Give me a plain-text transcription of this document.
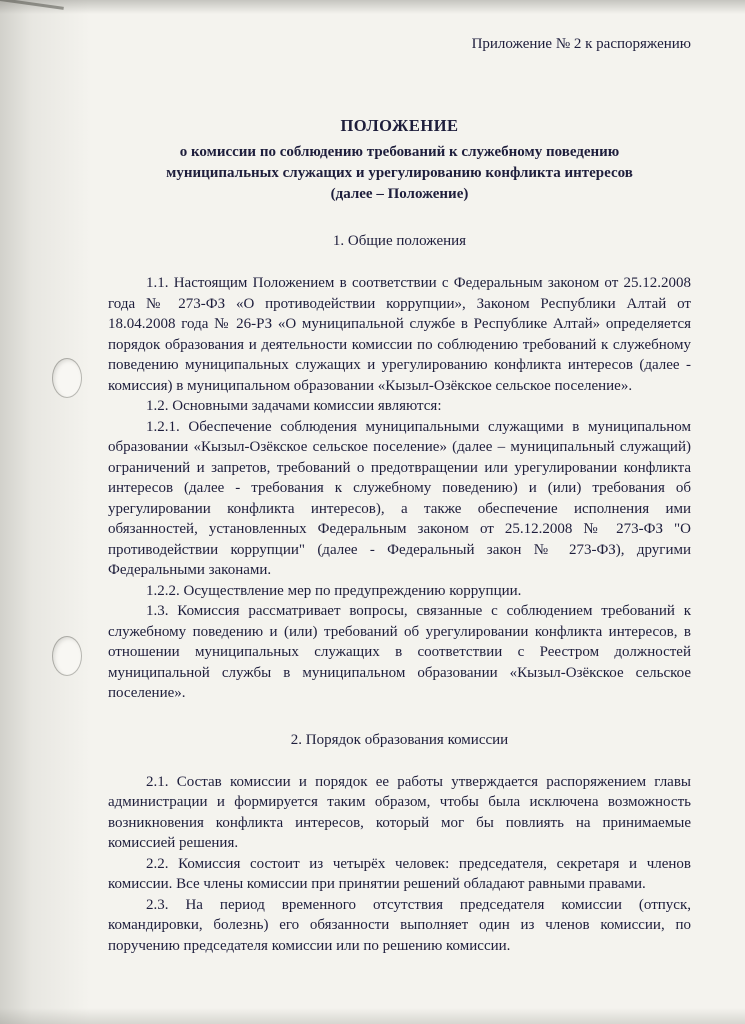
Приложение № 2 к распоряжению
ПОЛОЖЕНИЕ
о комиссии по соблюдению требований к служебному поведению
муниципальных служащих и урегулированию конфликта интересов
(далее – Положение)
1. Общие положения

1.1. Настоящим Положением в соответствии с Федеральным законом от 25.12.2008 года № 273-ФЗ «О противодействии коррупции», Законом Республики Алтай от 18.04.2008 года № 26-РЗ «О муниципальной службе в Республике Алтай» определяется порядок образования и деятельности комиссии по соблюдению требований к служебному поведению муниципальных служащих и урегулированию конфликта интересов (далее - комиссия) в муниципальном образовании «Кызыл-Озёкское сельское поселение».

1.2. Основными задачами комиссии являются:

1.2.1. Обеспечение соблюдения муниципальными служащими в муниципальном образовании «Кызыл-Озёкское сельское поселение» (далее – муниципальный служащий) ограничений и запретов, требований о предотвращении или урегулировании конфликта интересов (далее - требования к служебному поведению) и (или) требования об урегулировании конфликта интересов), а также обеспечение исполнения ими обязанностей, установленных Федеральным законом от 25.12.2008 № 273-ФЗ "О противодействии коррупции" (далее - Федеральный закон № 273-ФЗ), другими Федеральными законами.

1.2.2. Осуществление мер по предупреждению коррупции.

1.3. Комиссия рассматривает вопросы, связанные с соблюдением требований к служебному поведению и (или) требований об урегулировании конфликта интересов, в отношении муниципальных служащих в соответствии с Реестром должностей муниципальной службы в муниципальном образовании «Кызыл-Озёкское сельское поселение».

2. Порядок образования комиссии

2.1. Состав комиссии и порядок ее работы утверждается распоряжением главы администрации и формируется таким образом, чтобы была исключена возможность возникновения конфликта интересов, который мог бы повлиять на принимаемые комиссией решения.

2.2. Комиссия состоит из четырёх человек: председателя, секретаря и членов комиссии. Все члены комиссии при принятии решений обладают равными правами.

2.3. На период временного отсутствия председателя комиссии (отпуск, командировки, болезнь) его обязанности выполняет один из членов комиссии, по поручению председателя комиссии или по решению комиссии.
